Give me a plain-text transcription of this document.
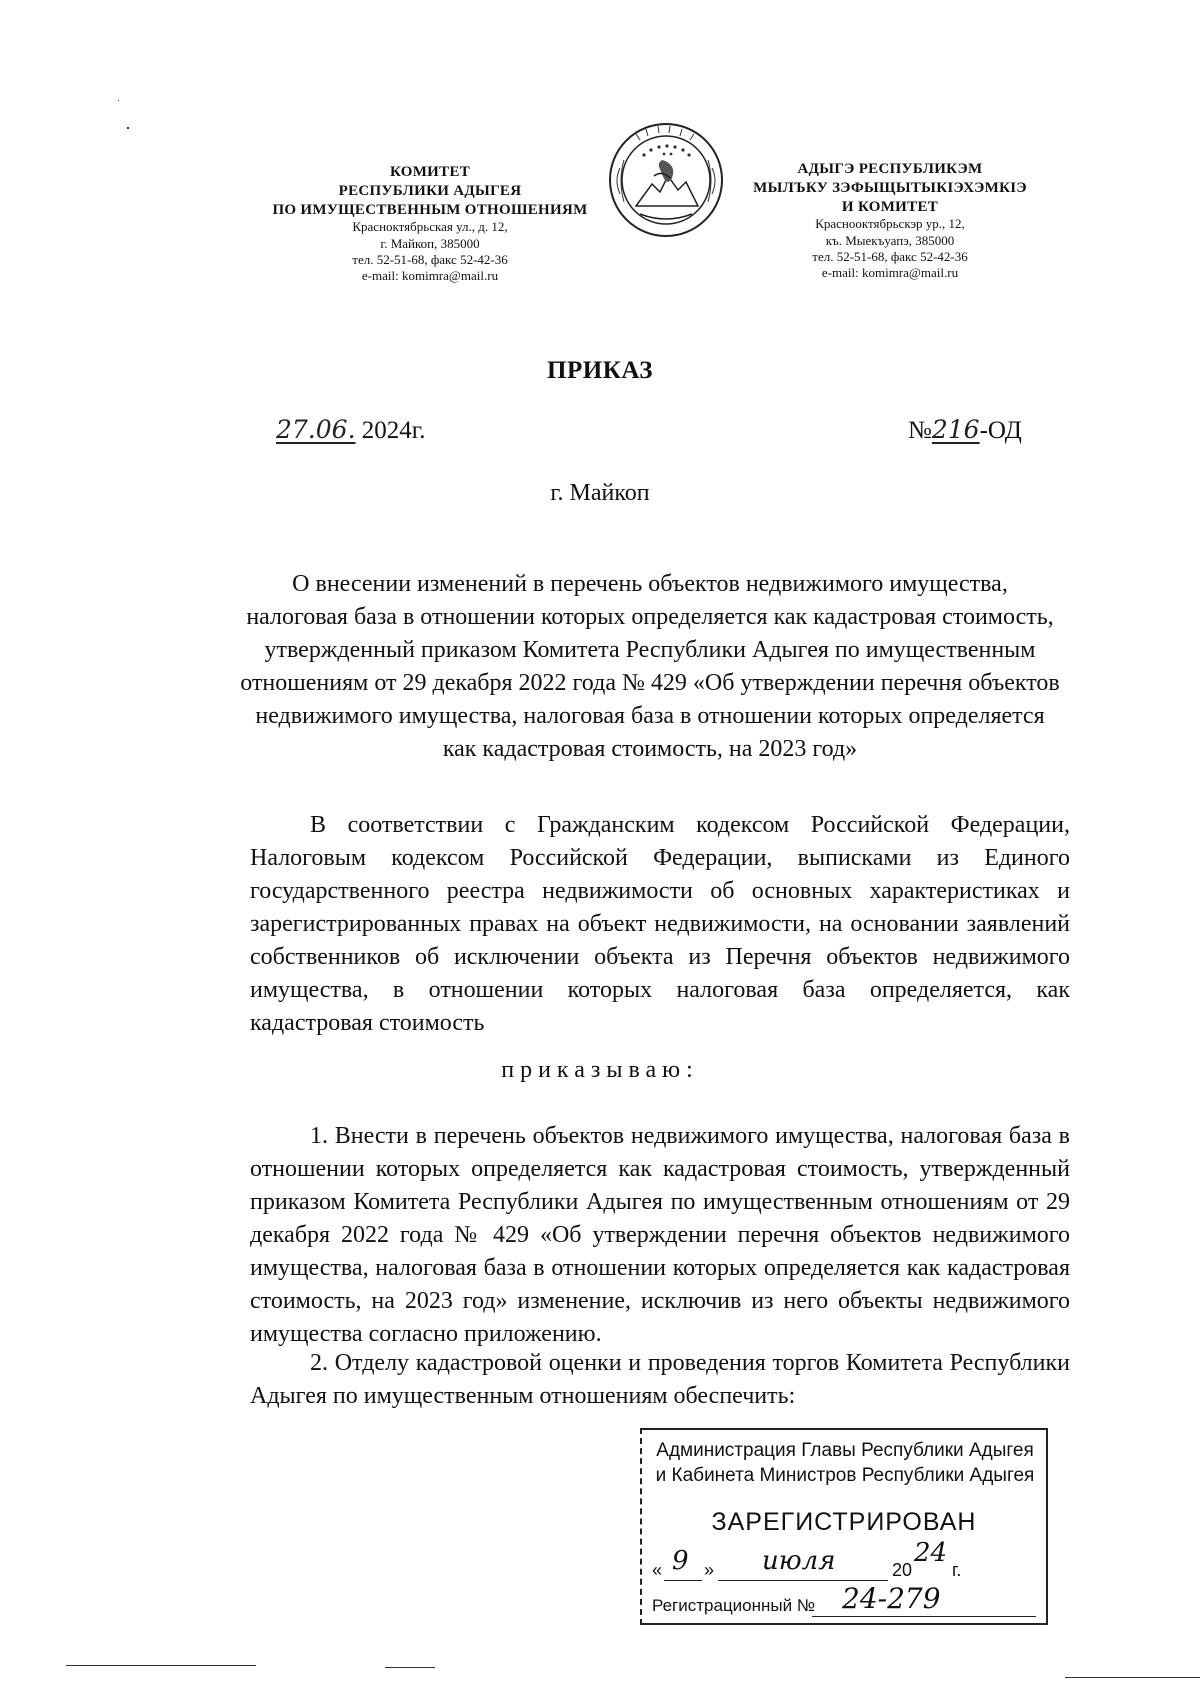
КОМИТЕТ
РЕСПУБЛИКИ АДЫГЕЯ
ПО ИМУЩЕСТВЕННЫМ ОТНОШЕНИЯМ
Красноктябрьская ул., д. 12,
г. Майкоп, 385000
тел. 52-51-68, факс 52-42-36
e-mail: komimra@mail.ru
АДЫГЭ РЕСПУБЛИКЭМ
МЫЛЪКУ ЗЭФЫЩЫТЫКIЭХЭМКIЭ
И КОМИТЕТ
Краснооктябрьскэр ур., 12,
къ. Мыекъуапэ, 385000
тел. 52-51-68, факс 52-42-36
e-mail: komimra@mail.ru
ПРИКАЗ
27.06. 2024г.	№216-ОД
г. Майкоп
О внесении изменений в перечень объектов недвижимого имущества, налоговая база в отношении которых определяется как кадастровая стоимость, утвержденный приказом Комитета Республики Адыгея по имущественным отношениям от 29 декабря 2022 года № 429 «Об утверждении перечня объектов недвижимого имущества, налоговая база в отношении которых определяется как кадастровая стоимость, на 2023 год»

В соответствии с Гражданским кодексом Российской Федерации, Налоговым кодексом Российской Федерации, выписками из Единого государственного реестра недвижимости об основных характеристиках и зарегистрированных правах на объект недвижимости, на основании заявлений собственников об исключении объекта из Перечня объектов недвижимого имущества, в отношении которых налоговая база определяется, как кадастровая стоимость

приказываю:

1. Внести в перечень объектов недвижимого имущества, налоговая база в отношении которых определяется как кадастровая стоимость, утвержденный приказом Комитета Республики Адыгея по имущественным отношениям от 29 декабря 2022 года № 429 «Об утверждении перечня объектов недвижимого имущества, налоговая база в отношении которых определяется как кадастровая стоимость, на 2023 год» изменение, исключив из него объекты недвижимого имущества согласно приложению.

2. Отделу кадастровой оценки и проведения торгов Комитета Республики Адыгея по имущественным отношениям обеспечить:

Администрация Главы Республики Адыгея
и Кабинета Министров Республики Адыгея
ЗАРЕГИСТРИРОВАН
« 9 » июля	20
24
г.
Регистрационный № 24-279
